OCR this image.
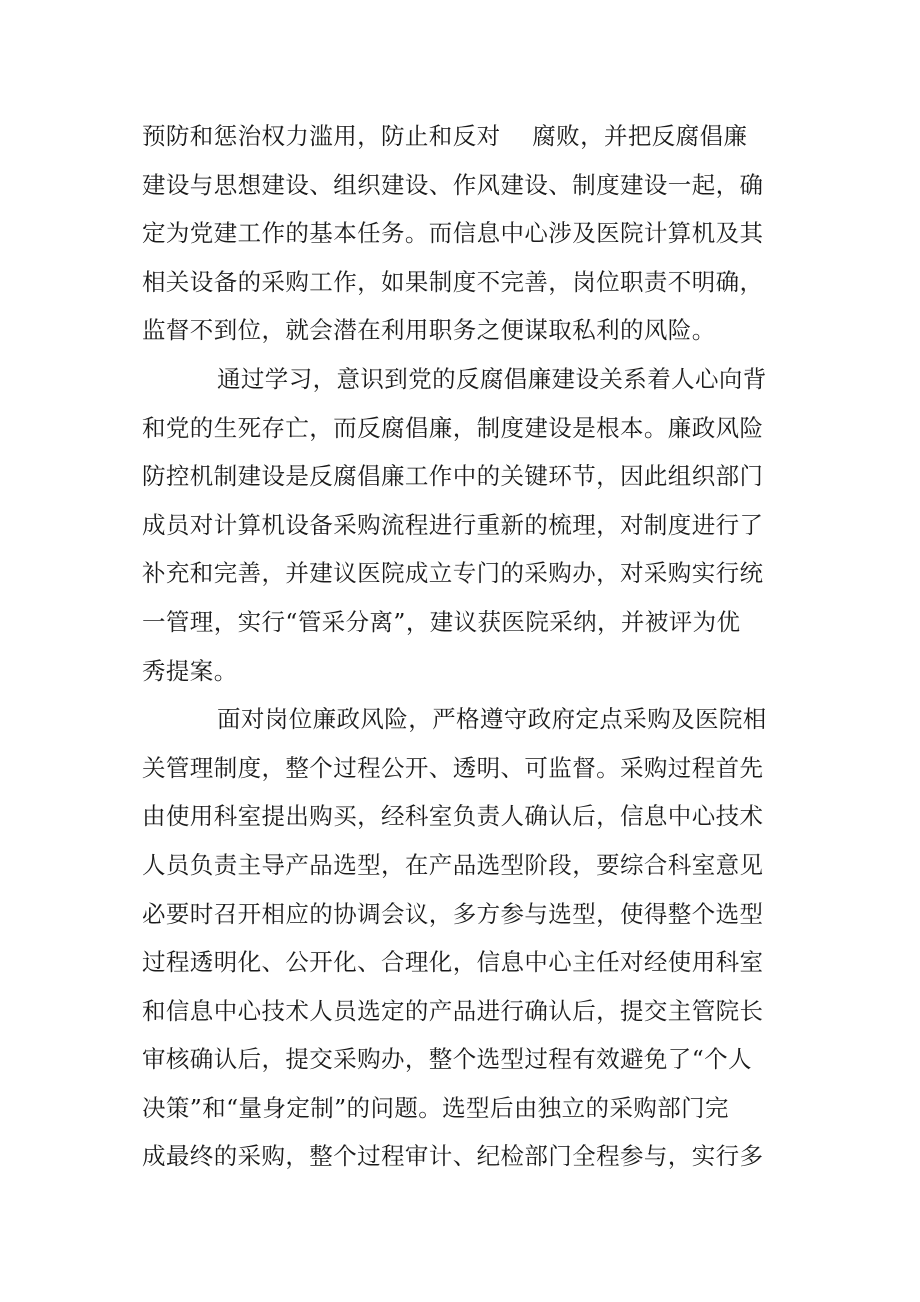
预防和惩治权力滥用，防止和反对　 腐败，并把反腐倡廉
建设与思想建设、组织建设、作风建设、制度建设一起，确
定为党建工作的基本任务。而信息中心涉及医院计算机及其
相关设备的采购工作，如果制度不完善，岗位职责不明确，
监督不到位，就会潜在利用职务之便谋取私利的风险。
通过学习，意识到党的反腐倡廉建设关系着人心向背
和党的生死存亡，而反腐倡廉，制度建设是根本。廉政风险
防控机制建设是反腐倡廉工作中的关键环节，因此组织部门
成员对计算机设备采购流程进行重新的梳理，对制度进行了
补充和完善，并建议医院成立专门的采购办，对采购实行统
一管理，实行“管采分离”，建议获医院采纳，并被评为优
秀提案。
面对岗位廉政风险，严格遵守政府定点采购及医院相
关管理制度，整个过程公开、透明、可监督。采购过程首先
由使用科室提出购买，经科室负责人确认后，信息中心技术
人员负责主导产品选型，在产品选型阶段，要综合科室意见
必要时召开相应的协调会议，多方参与选型，使得整个选型
过程透明化、公开化、合理化，信息中心主任对经使用科室
和信息中心技术人员选定的产品进行确认后，提交主管院长
审核确认后，提交采购办，整个选型过程有效避免了“个人
决策”和“量身定制”的问题。选型后由独立的采购部门完
成最终的采购，整个过程审计、纪检部门全程参与，实行多
